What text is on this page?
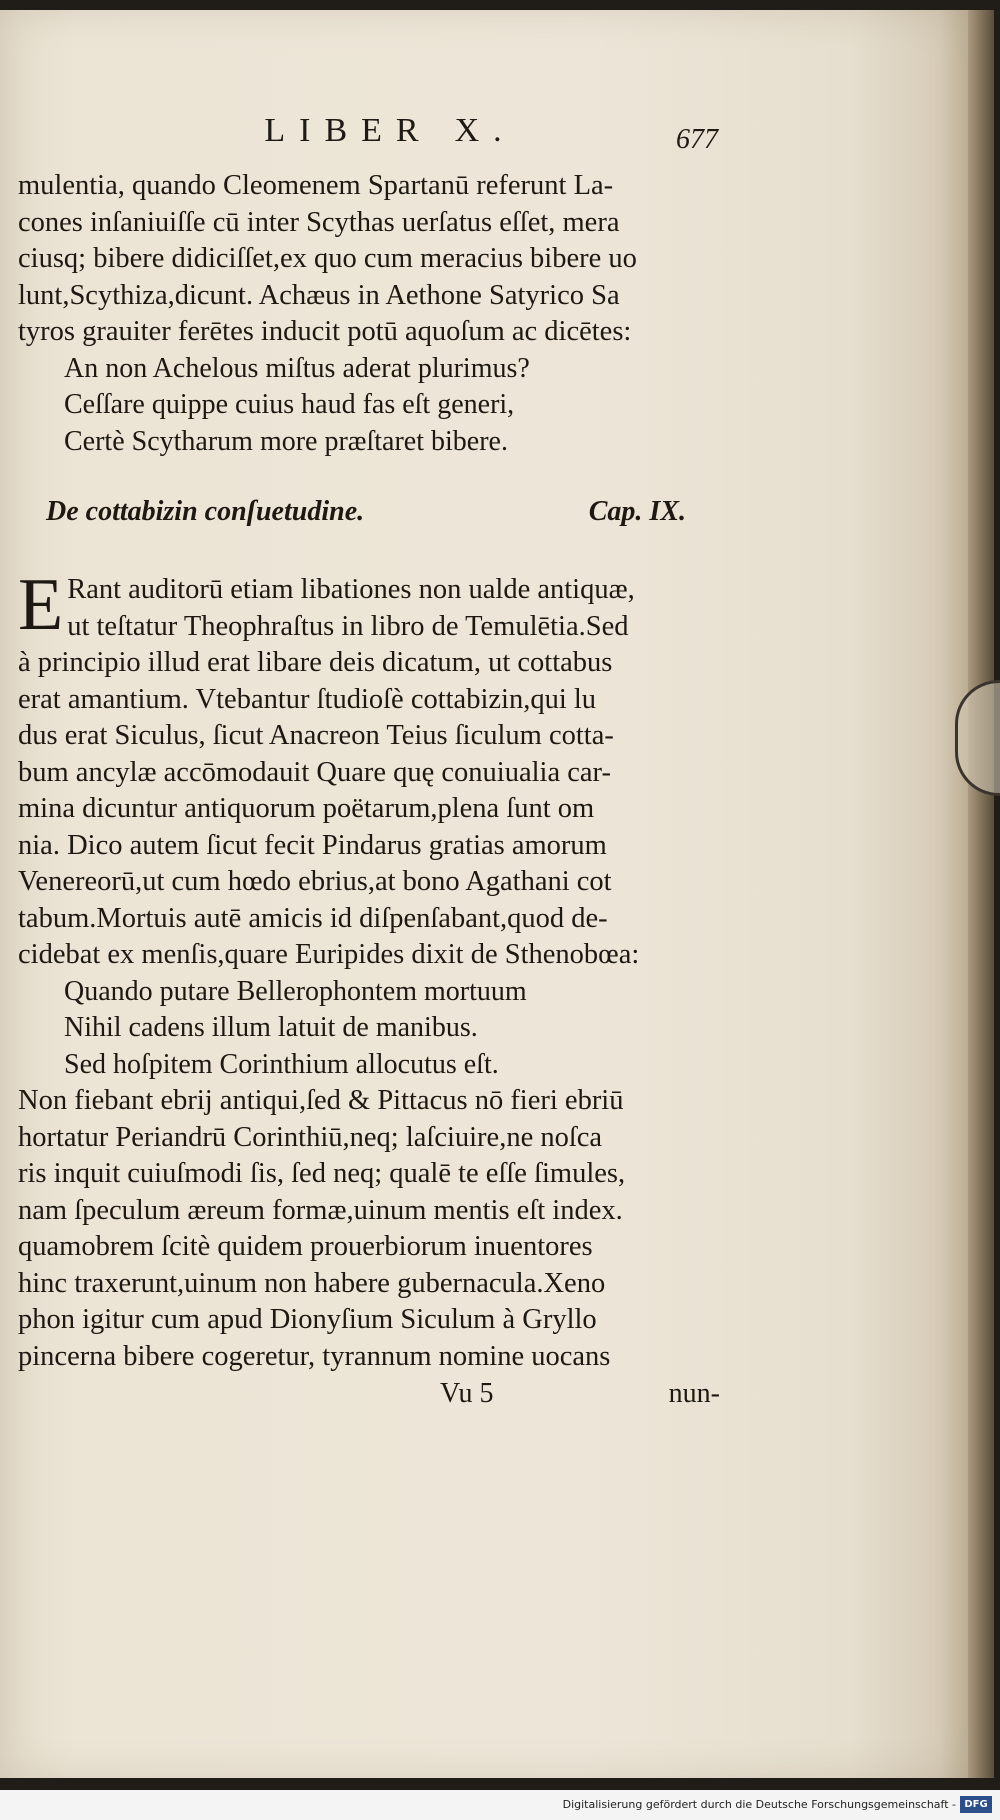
L I B E R X.	677
mulentia, quando Cleomenem Spartanū referunt La-
cones inſaniuiſſe cū inter Scythas uerſatus eſſet, mera
ciusq; bibere didiciſſet,ex quo cum meracius bibere uo
lunt,Scythiza,dicunt. Achæus in Aethone Satyrico Sa
tyros grauiter ferētes inducit potū aquoſum ac dicētes:
An non Achelous miſtus aderat plurimus?
Ceſſare quippe cuius haud fas eſt generi,
Certè Scytharum more præſtaret bibere.
De cottabizin conſuetudine.	Cap. IX.
E Rant auditorū etiam libationes non ualde antiquæ,
ut teſtatur Theophraſtus in libro de Temulētia.Sed
à principio illud erat libare deis dicatum, ut cottabus
erat amantium. Vtebantur ſtudioſè cottabizin,qui lu
dus erat Siculus, ſicut Anacreon Teius ſiculum cotta-
bum ancylæ accōmodauit Quare quę conuiualia car-
mina dicuntur antiquorum poëtarum,plena ſunt om
nia. Dico autem ſicut fecit Pindarus gratias amorum
Venereorū,ut cum hœdo ebrius,at bono Agathani cot
tabum.Mortuis autē amicis id diſpenſabant,quod de-
cidebat ex menſis,quare Euripides dixit de Sthenobœa:
Quando putare Bellerophontem mortuum
Nihil cadens illum latuit de manibus.
Sed hoſpitem Corinthium allocutus eſt.
Non fiebant ebrij antiqui,ſed & Pittacus nō fieri ebriū
hortatur Periandrū Corinthiū,neq; laſciuire,ne noſca
ris inquit cuiuſmodi ſis, ſed neq; qualē te eſſe ſimules,
nam ſpeculum æreum formæ,uinum mentis eſt index.
quamobrem ſcitè quidem prouerbiorum inuentores
hinc traxerunt,uinum non habere gubernacula.Xeno
phon igitur cum apud Dionyſium Siculum à Gryllo
pincerna bibere cogeretur, tyrannum nomine uocans
Vu 5	nun-
Digitalisierung gefördert durch die Deutsche Forschungsgemeinschaft - DFG
